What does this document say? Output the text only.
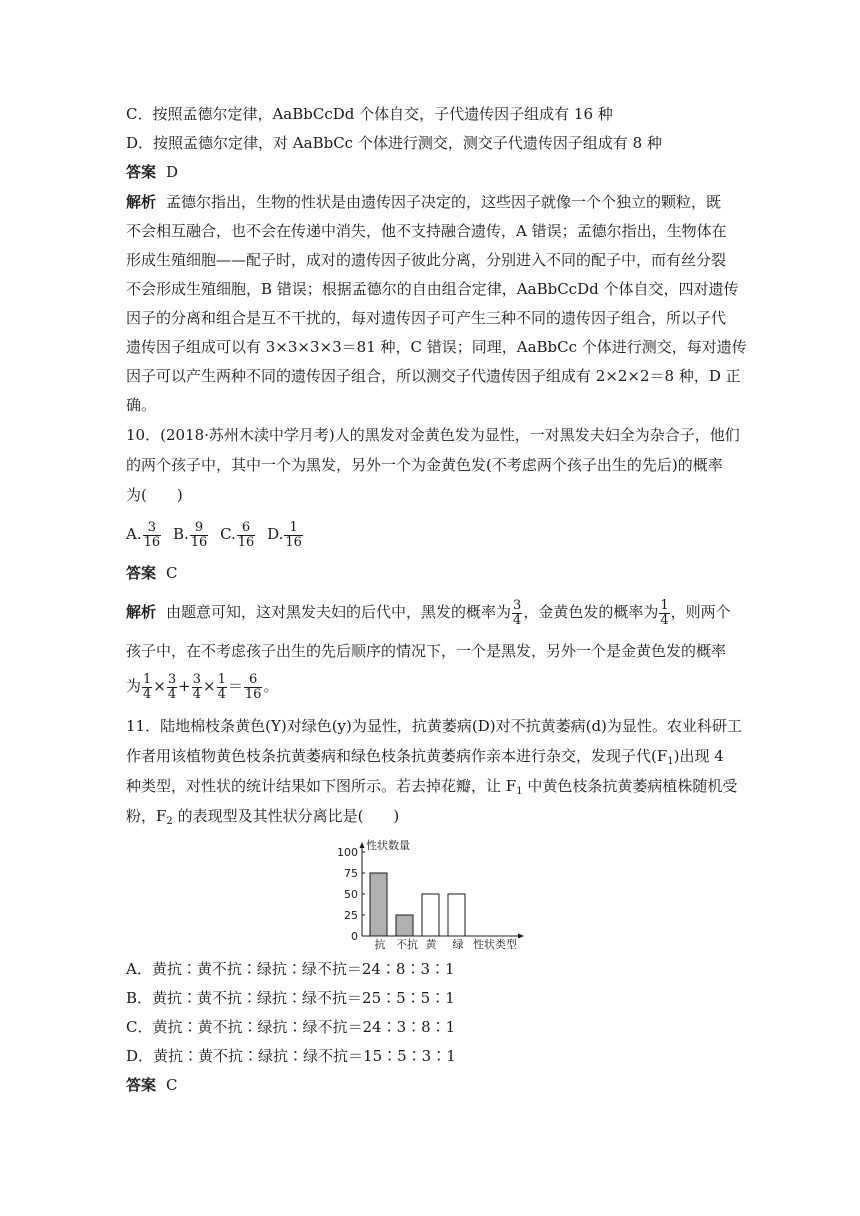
C．按照孟德尔定律，AaBbCcDd 个体自交，子代遗传因子组成有 16 种
D．按照孟德尔定律，对 AaBbCc 个体进行测交，测交子代遗传因子组成有 8 种
答案 D
解析 孟德尔指出，生物的性状是由遗传因子决定的，这些因子就像一个个独立的颗粒，既
不会相互融合，也不会在传递中消失，他不支持融合遗传，A 错误；孟德尔指出，生物体在
形成生殖细胞——配子时，成对的遗传因子彼此分离，分别进入不同的配子中，而有丝分裂
不会形成生殖细胞，B 错误；根据孟德尔的自由组合定律，AaBbCcDd 个体自交，四对遗传
因子的分离和组合是互不干扰的，每对遗传因子可产生三种不同的遗传因子组合，所以子代
遗传因子组成可以有 3×3×3×3＝81 种，C 错误；同理，AaBbCc 个体进行测交，每对遗传
因子可以产生两种不同的遗传因子组合，所以测交子代遗传因子组成有 2×2×2＝8 种，D 正
确。
10．(2018·苏州木渎中学月考)人的黑发对金黄色发为显性，一对黑发夫妇全为杂合子，他们
的两个孩子中，其中一个为黑发，另外一个为金黄色发(不考虑两个孩子出生的先后)的概率
为(　　)
A. $\frac{3}{16} B$. $\frac{9}{16} C$. $\frac{6}{16} D$. $\frac{1}{16}$
答案 C
解析 由题意可知，这对黑发夫妇的后代中，黑发的概率为 $\frac{3}{4}$ ，金黄色发的概率为 $\frac{1}{4}$ ，则两个
孩子中，在不考虑孩子出生的先后顺序的情况下，一个是黑发，另外一个是金黄色发的概率
为 $\frac{1}{4} \times \frac{3}{4} + \frac{3}{4} \times \frac{1}{4} = \frac{6}{16}$ 。
11．陆地棉枝条黄色(Y)对绿色(y)为显性，抗黄萎病(D)对不抗黄萎病(d)为显性。农业科研工
作者用该植物黄色枝条抗黄萎病和绿色枝条抗黄萎病作亲本进行杂交，发现子代$(F_1)$出现 4
种类型，对性状的统计结果如下图所示。若去掉花瓣，让 $F_1$ 中黄色枝条抗黄萎病植株随机受
粉，$F_2$ 的表现型及其性状分离比是(　　)
性状数量
性状类型
0
25
50
75
100
抗 不抗 黄 绿
A．黄抗∶黄不抗∶绿抗∶绿不抗＝24∶8∶3∶1
B．黄抗∶黄不抗∶绿抗∶绿不抗＝25∶5∶5∶1
C．黄抗∶黄不抗∶绿抗∶绿不抗＝24∶3∶8∶1
D．黄抗∶黄不抗∶绿抗∶绿不抗＝15∶5∶3∶1
答案 C
